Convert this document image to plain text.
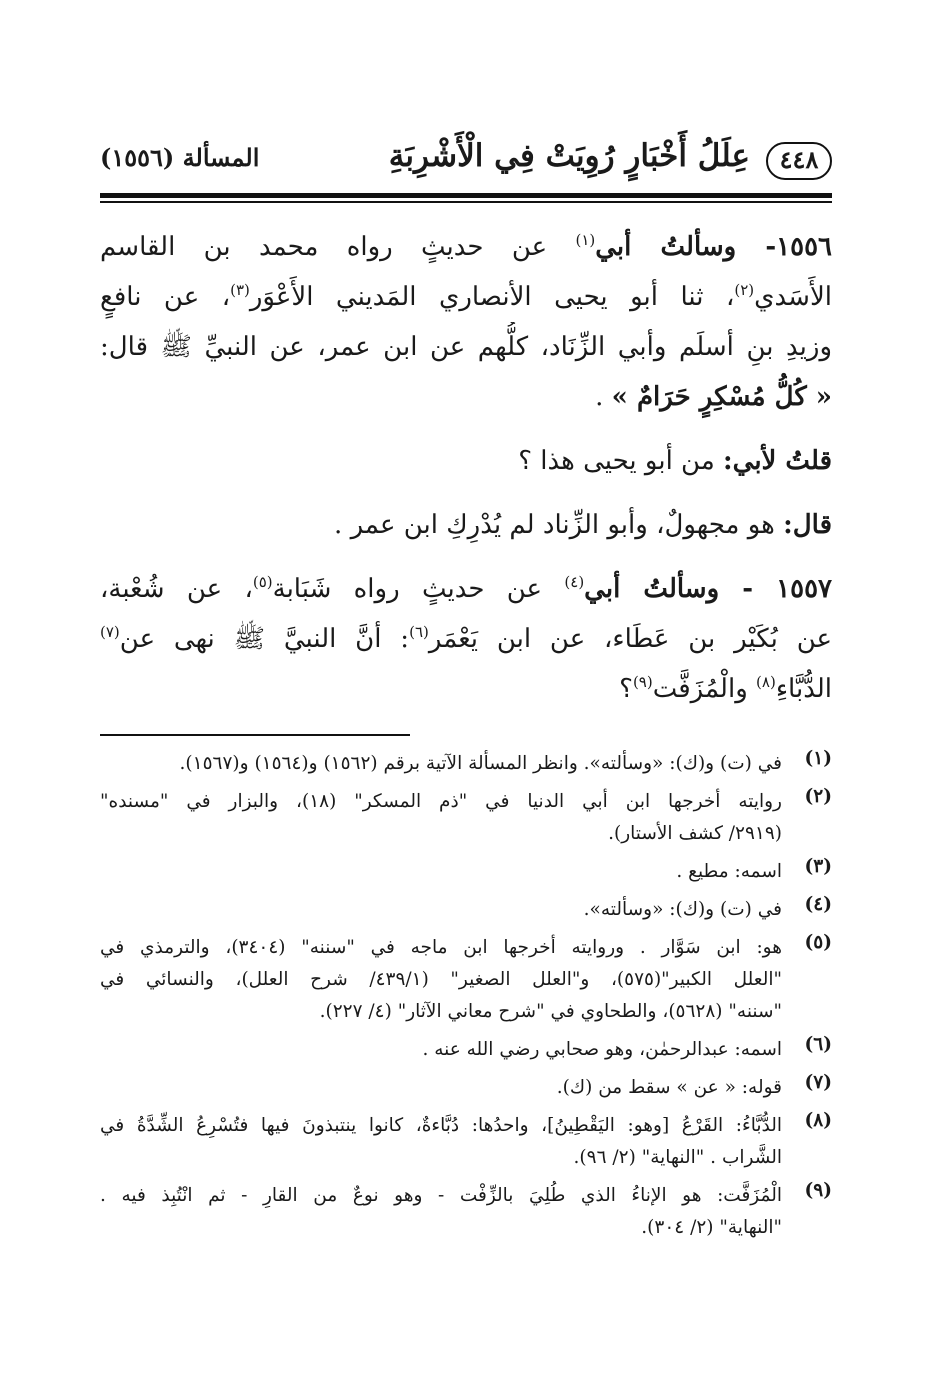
٤٤٨
عِلَلُ أَخْبَارٍ رُوِيَتْ فِي الْأَشْرِبَةِ
المسألة (١٥٥٦)
١٥٥٦- وسألتُ أبي$^{(١)}$ عن حديثٍ رواه محمد بن القاسم
الأَسَدي$^{(٢)}$، ثنا أبو يحيى الأنصاري المَديني الأَعْوَر$^{(٣)}$، عن نافعٍ
وزيدِ بنِ أسلَم وأبي الزِّنَاد، كلُّهم عن ابن عمر، عن النبيِّ ﷺ قال:
« كُلُّ مُسْكِرٍ حَرَامٌ » .
قلتُ لأبي: من أبو يحيى هذا ؟
قال: هو مجهولٌ، وأبو الزِّناد لم يُدْرِكِ ابن عمر .
١٥٥٧ - وسألتُ أبي$^{(٤)}$ عن حديثٍ رواه شَبَابة$^{(٥)}$، عن شُعْبة،
عن بُكَيْر بن عَطَاء، عن ابن يَعْمَر$^{(٦)}$: أنَّ النبيَّ ﷺ نهى عن$^{(٧)}$
الدُّبَّاءِ$^{(٨)}$ والْمُزَفَّت$^{(٩)}$؟
(١)
في (ت) و(ك): «وسألته». وانظر المسألة الآتية برقم (١٥٦٢) و(١٥٦٤) و(١٥٦٧).
(٢)
روايته أخرجها ابن أبي الدنيا في "ذم المسكر" (١٨)، والبزار في "مسنده"
(٢٩١٩/ كشف الأستار).
(٣)
اسمه: مطيع .
(٤)
في (ت) و(ك): «وسألته».
(٥)
هو: ابن سَوَّار . وروايته أخرجها ابن ماجه في "سننه" (٣٤٠٤)، والترمذي في
"العلل الكبير"(٥٧٥)، و"العلل الصغير" (٤٣٩/١/ شرح العلل)، والنسائي في
"سننه" (٥٦٢٨)، والطحاوي في "شرح معاني الآثار" (٤/ ٢٢٧).
(٦)
اسمه: عبدالرحمٰن، وهو صحابي رضي الله عنه .
(٧)
قوله: « عن » سقط من (ك).
(٨)
الدُّبَّاءُ: القَرْعُ [وهو: اليَقْطِينُ]، واحدُها: دُبَّاءةٌ، كانوا ينتبذونَ فيها فتُسْرِعُ الشِّدَّةُ في
الشَّراب . "النهاية" (٢/ ٩٦).
(٩)
الْمُزَفَّت: هو الإناءُ الذي طُلِيَ بالزِّفْت - وهو نوعٌ من القارِ - ثم انْتُبِذ فيه .
"النهاية" (٢/ ٣٠٤).
